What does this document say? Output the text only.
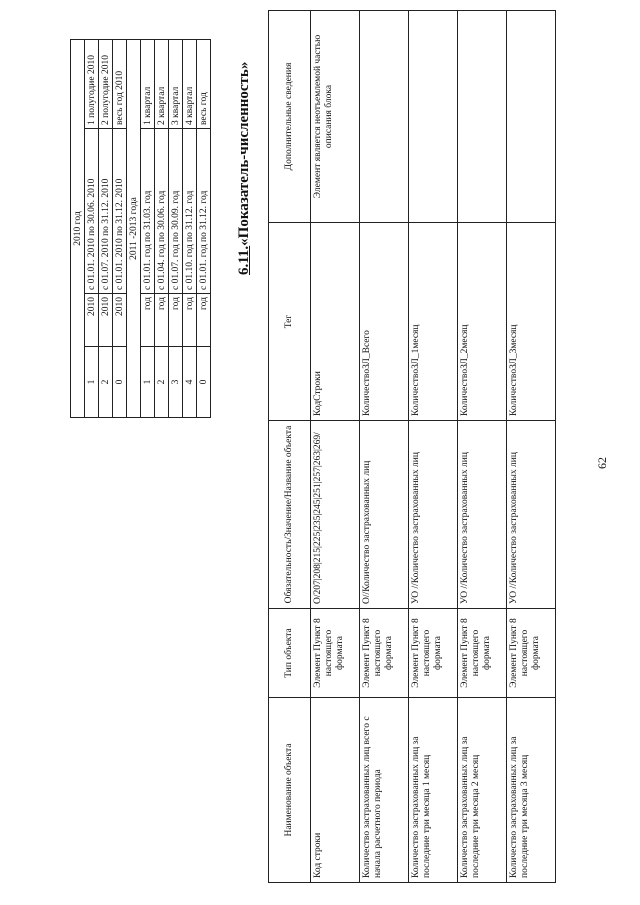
62
2010 год			
1	2010	с 01.01. 2010 по 30.06. 2010	1 полугодие 2010
2	2010	с 01.07. 2010 по 31.12. 2010	2 полугодие 2010
0	2010	с 01.01. 2010 по 31.12. 2010	весь год 2010
2011 -2013 года			
1	год	с 01.01. год по 31.03. год	1 квартал
2	год	с 01.04. год по 30.06. год	2 квартал
3	год	с 01.07. год по 30.09. год	3 квартал
4	год	с 01.10. год по 31.12. год	4 квартал
0	год	с 01.01. год по 31.12. год	весь год
6.11.«Показатель-численность»
Наименование объекта	Тип объекта	Обязательность/Значение/Название объекта	Тег	Дополнительные сведения
Код строки	Элемент Пункт 8 настоящего формата	О/207|208|215|225|235|245|251|257|263|269/	КодСтроки	Элемент является неотъемлемой частью описания блока
Количество застрахованных лиц всего с начала расчетного периода	Элемент Пункт 8 настоящего формата	О//Количество застрахованных лиц	КоличествоЗЛ_Всего	
Количество застрахованных лиц за последние три месяца 1 месяц	Элемент Пункт 8 настоящего формата	УО //Количество застрахованных лиц	КоличествоЗЛ_1месяц	
Количество застрахованных лиц за последние три месяца 2 месяц	Элемент Пункт 8 настоящего формата	УО //Количество застрахованных лиц	КоличествоЗЛ_2месяц	
Количество застрахованных лиц за последние три месяца 3 месяц	Элемент Пункт 8 настоящего формата	УО //Количество застрахованных лиц	КоличествоЗЛ_3месяц	
